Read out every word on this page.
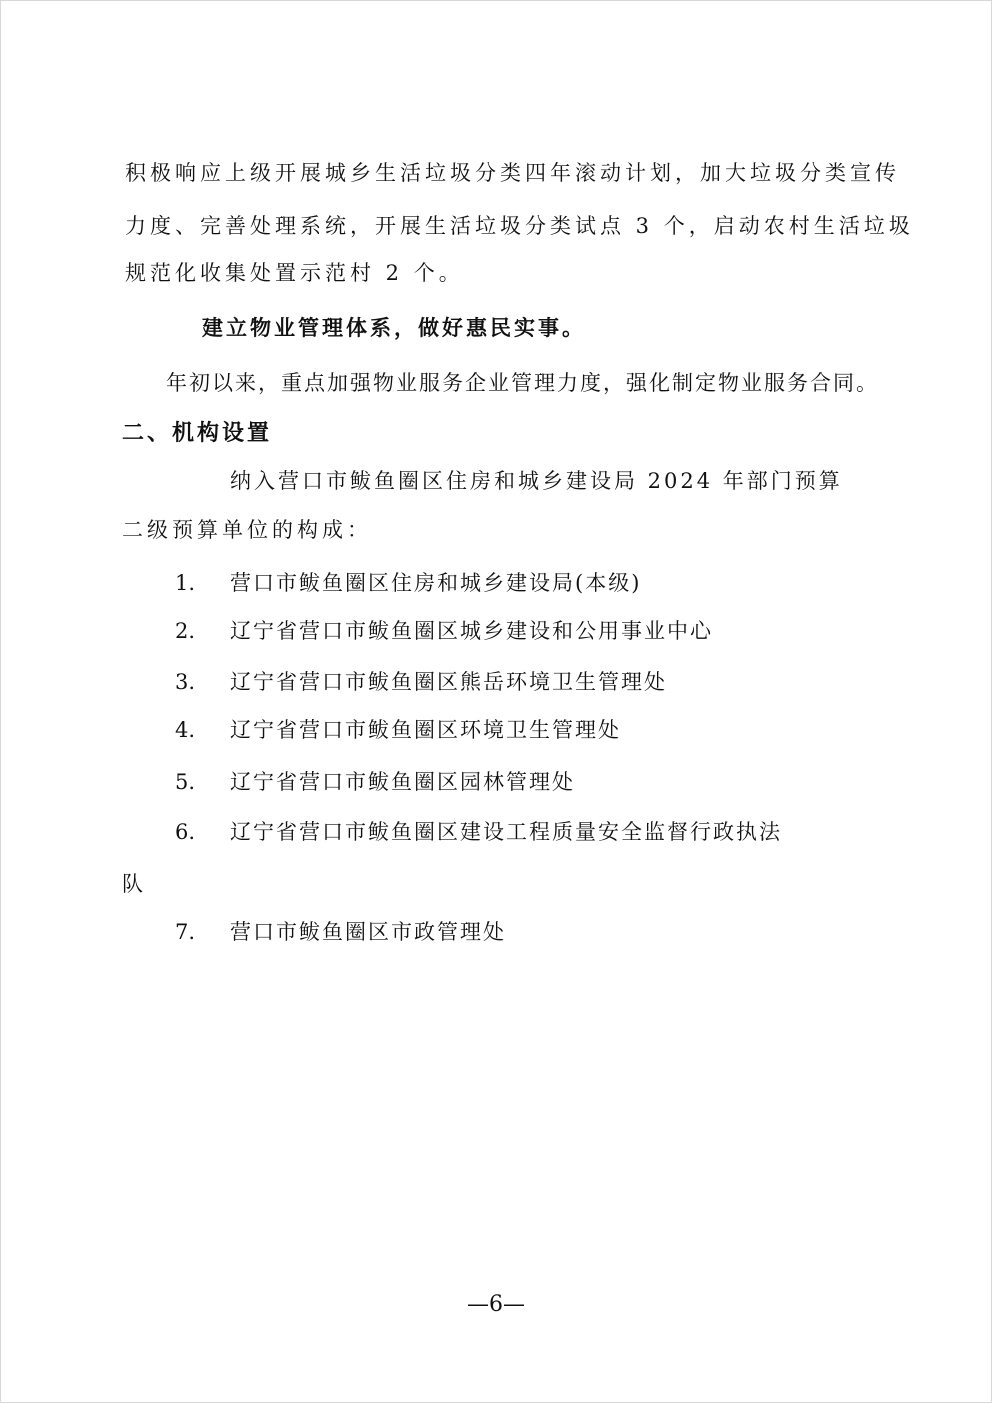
积极响应上级开展城乡生活垃圾分类四年滚动计划，加大垃圾分类宣传
力度、完善处理系统，开展生活垃圾分类试点 3 个，启动农村生活垃圾
规范化收集处置示范村 2 个。
建立物业管理体系，做好惠民实事。
年初以来，重点加强物业服务企业管理力度，强化制定物业服务合同。
二、机构设置
纳入营口市鲅鱼圈区住房和城乡建设局 2024 年部门预算
二级预算单位的构成：
1. 营口市鲅鱼圈区住房和城乡建设局(本级)
2. 辽宁省营口市鲅鱼圈区城乡建设和公用事业中心
3. 辽宁省营口市鲅鱼圈区熊岳环境卫生管理处
4. 辽宁省营口市鲅鱼圈区环境卫生管理处
5. 辽宁省营口市鲅鱼圈区园林管理处
6. 辽宁省营口市鲅鱼圈区建设工程质量安全监督行政执法
队
7. 营口市鲅鱼圈区市政管理处
—6—
